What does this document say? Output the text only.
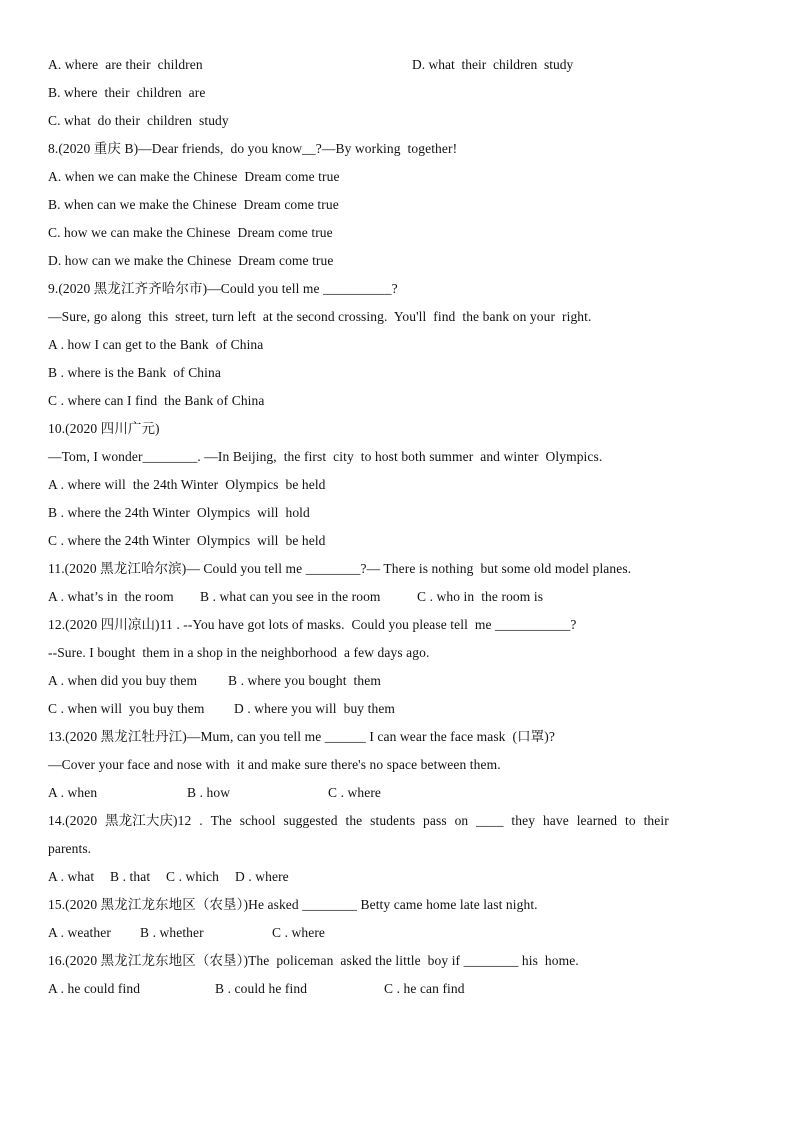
A. where  are their  children	D. what  their  children  study
B. where  their  children  are
C. what  do their  children  study
8.(2020 重庆 B)—Dear friends,  do you know__?—By working  together!
A. when we can make the Chinese  Dream come true
B. when can we make the Chinese  Dream come true
C. how we can make the Chinese  Dream come true
D. how can we make the Chinese  Dream come true
9.(2020 黑龙江齐齐哈尔市)—Could you tell me __________?
—Sure, go along  this  street, turn left  at the second crossing.  You'll  find  the bank on your  right.
A . how I can get to the Bank  of China
B . where is the Bank  of China
C . where can I find  the Bank of China
10.(2020 四川广元)
—Tom, I wonder________. —In Beijing,  the first  city  to host both summer  and winter  Olympics.
A . where will  the 24th Winter  Olympics  be held
B . where the 24th Winter  Olympics  will  hold
C . where the 24th Winter  Olympics  will  be held
11.(2020 黑龙江哈尔滨)— Could you tell me ________?— There is nothing  but some old model planes.

A . what’s in  the room

B . what can you see in the room

	C . who in  the room is

12.(2020 四川凉山)11 . --You have got lots of masks.  Could you please tell  me ___________?
--Sure. I bought  them in a shop in the neighborhood  a few days ago.

A . when did you buy them

B . where you bought  them

C . when will  you buy them

D . where you will  buy them

13.(2020 黑龙江牡丹江)—Mum, can you tell me ______ I can wear the face mask  (口罩)?
—Cover your face and nose with  it and make sure there's no space between them.

A . when

	B . how

	C . where

14.(2020 黑龙江大庆)12 . The school suggested the students pass on ____ they have learned to their
parents.

A . what

B . that

C . which

D . where

15.(2020 黑龙江龙东地区（农垦）)He asked ________ Betty came home late last night.

A . weather

B . whether

	C . where

16.(2020 黑龙江龙东地区（农垦）)The  policeman  asked the little  boy if ________ his  home.

A . he could find

	B . could he find

	C . he can find
